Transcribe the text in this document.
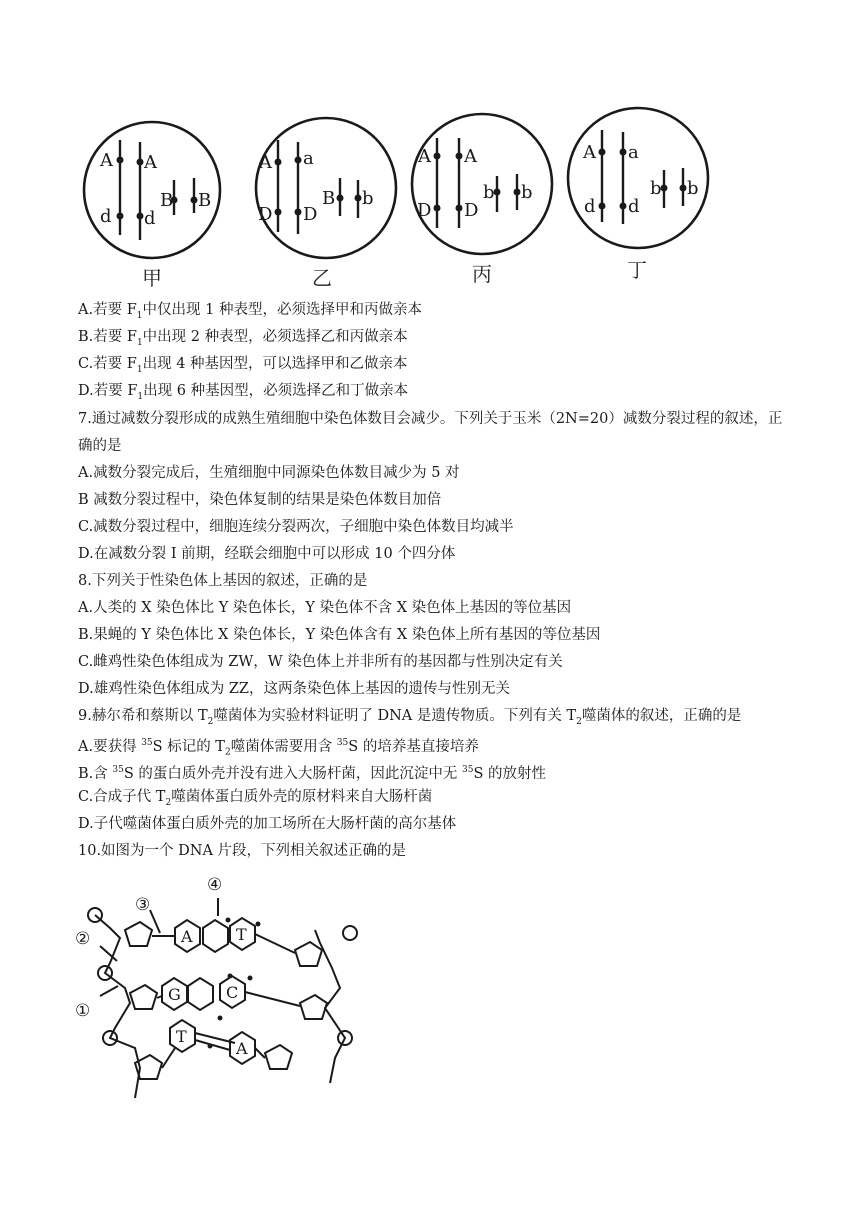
A A
d d
B B
A a
D D
B b
A A
D D
b b
A a
d d
b b
甲	乙	丙	丁
A.若要 $F_1$中仅出现 1 种表型，必须选择甲和丙做亲本
B.若要 $F_1$中出现 2 种表型，必须选择乙和丙做亲本
C.若要 $F_1$出现 4 种基因型，可以选择甲和乙做亲本
D.若要 $F_1$出现 6 种基因型，必须选择乙和丁做亲本
7.通过减数分裂形成的成熟生殖细胞中染色体数目会减少。下列关于玉米（2N=20）减数分裂过程的叙述，正
确的是
A.减数分裂完成后，生殖细胞中同源染色体数目减少为 5 对
B 减数分裂过程中，染色体复制的结果是染色体数目加倍
C.减数分裂过程中，细胞连续分裂两次，子细胞中染色体数目均减半
D.在减数分裂 I 前期，经联会细胞中可以形成 10 个四分体
8.下列关于性染色体上基因的叙述，正确的是
A.人类的 X 染色体比 Y 染色体长，Y 染色体不含 X 染色体上基因的等位基因
B.果蝇的 Y 染色体比 X 染色体长，Y 染色体含有 X 染色体上所有基因的等位基因
C.雌鸡性染色体组成为 ZW，W 染色体上并非所有的基因都与性别决定有关
D.雄鸡性染色体组成为 ZZ，这两条染色体上基因的遗传与性别无关
9.赫尔希和蔡斯以 $T_2$噬菌体为实验材料证明了 DNA 是遗传物质。下列有关 $T_2$噬菌体的叙述，正确的是
A.要获得 $^{35}$S 标记的 $T_2$噬菌体需要用含 $^{35}$S 的培养基直接培养
B.含 $^{35}$S 的蛋白质外壳并没有进入大肠杆菌，因此沉淀中无 $^{35}$S 的放射性
C.合成子代 $T_2$噬菌体蛋白质外壳的原材料来自大肠杆菌
D.子代噬菌体蛋白质外壳的加工场所在大肠杆菌的高尔基体
10.如图为一个 DNA 片段，下列相关叙述正确的是
①
②
③
④
A	T
G	C
T
A
